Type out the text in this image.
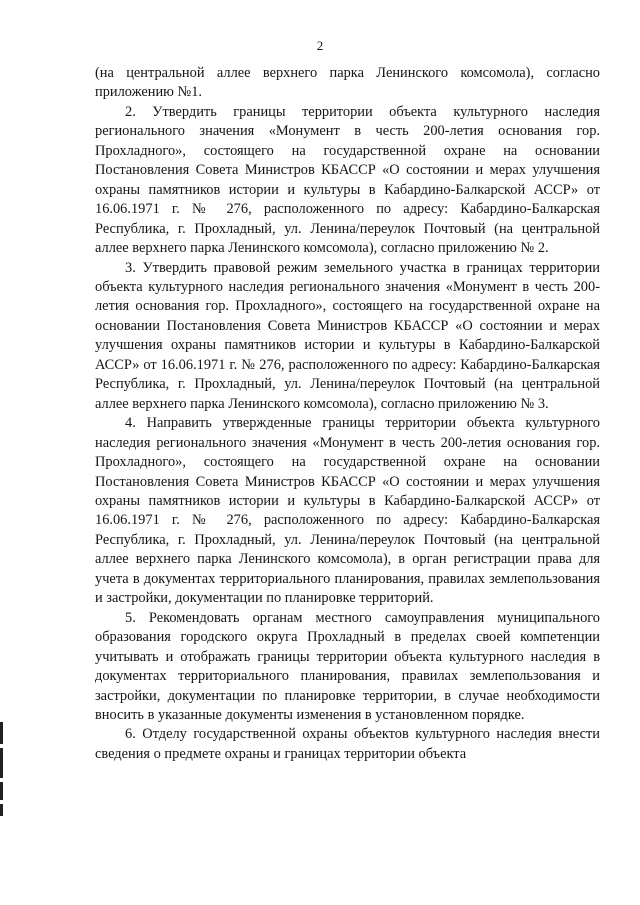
2

(на центральной аллее верхнего парка Ленинского комсомола), согласно приложению №1.

2. Утвердить границы территории объекта культурного наследия регионального значения «Монумент в честь 200-летия основания гор. Прохладного», состоящего на государственной охране на основании Постановления Совета Министров КБАССР «О состоянии и мерах улучшения охраны памятников истории и культуры в Кабардино-Балкарской АССР» от 16.06.1971 г. № 276, расположенного по адресу: Кабардино-Балкарская Республика, г. Прохладный, ул. Ленина/переулок Почтовый (на центральной аллее верхнего парка Ленинского комсомола), согласно приложению № 2.

3. Утвердить правовой режим земельного участка в границах территории объекта культурного наследия регионального значения «Монумент в честь 200-летия основания гор. Прохладного», состоящего на государственной охране на основании Постановления Совета Министров КБАССР «О состоянии и мерах улучшения охраны памятников истории и культуры в Кабардино-Балкарской АССР» от 16.06.1971 г. № 276, расположенного по адресу: Кабардино-Балкарская Республика, г. Прохладный, ул. Ленина/переулок Почтовый (на центральной аллее верхнего парка Ленинского комсомола), согласно приложению № 3.

4. Направить утвержденные границы территории объекта культурного наследия регионального значения «Монумент в честь 200-летия основания гор. Прохладного», состоящего на государственной охране на основании Постановления Совета Министров КБАССР «О состоянии и мерах улучшения охраны памятников истории и культуры в Кабардино-Балкарской АССР» от 16.06.1971 г. № 276, расположенного по адресу: Кабардино-Балкарская Республика, г. Прохладный, ул. Ленина/переулок Почтовый (на центральной аллее верхнего парка Ленинского комсомола), в орган регистрации права для учета в документах территориального планирования, правилах землепользования и застройки, документации по планировке территорий.

5. Рекомендовать органам местного самоуправления муниципального образования городского округа Прохладный в пределах своей компетенции учитывать и отображать границы территории объекта культурного наследия в документах территориального планирования, правилах землепользования и застройки, документации по планировке территории, в случае необходимости вносить в указанные документы изменения в установленном порядке.

6. Отделу государственной охраны объектов культурного наследия внести сведения о предмете охраны и границах территории объекта
